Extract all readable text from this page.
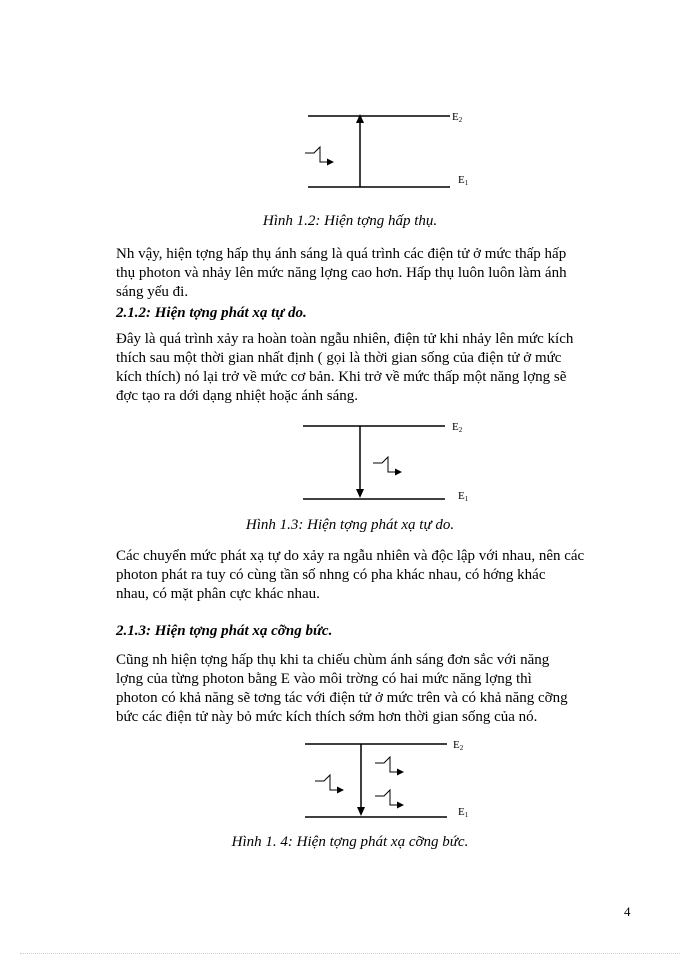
E2
E1
Hình 1.2: Hiện tợng hấp thụ.

Nh vậy, hiện tợng hấp thụ ánh sáng là quá trình các điện tử ở mức thấp hấp

thụ photon và nhảy lên mức năng lợng cao hơn. Hấp thụ luôn luôn làm ánh

sáng yếu đi.

2.1.2: Hiện tợng phát xạ tự do.

Đây là quá trình xảy ra hoàn toàn ngẫu nhiên, điện tử khi nhảy lên mức kích

thích sau một thời gian nhất định ( gọi là thời gian sống của điện tử ở mức

kích thích) nó lại trở về mức cơ bản. Khi trở về mức thấp một năng lợng sẽ

đợc tạo ra dới dạng nhiệt hoặc ánh sáng.

E2
E1
Hình 1.3: Hiện tợng phát xạ tự do.

Các chuyển mức phát xạ tự do xảy ra ngẫu nhiên và độc lập với nhau, nên các

photon phát ra tuy có cùng tần số nhng có pha khác nhau, có hớng khác

nhau, có mặt phân cực khác nhau.

2.1.3: Hiện tợng phát xạ cỡng bức.

Cũng nh hiện tợng hấp thụ khi ta chiếu chùm ánh sáng đơn sắc với năng

lợng của từng photon bằng E vào môi trờng có hai mức năng lợng thì

photon có khả năng sẽ tơng tác với điện tử ở mức trên và có khả năng cỡng

bức các điện tử này bỏ mức kích thích sớm hơn thời gian sống của nó.

E2
E1
Hình 1. 4: Hiện tợng phát xạ cỡng bức.
4
